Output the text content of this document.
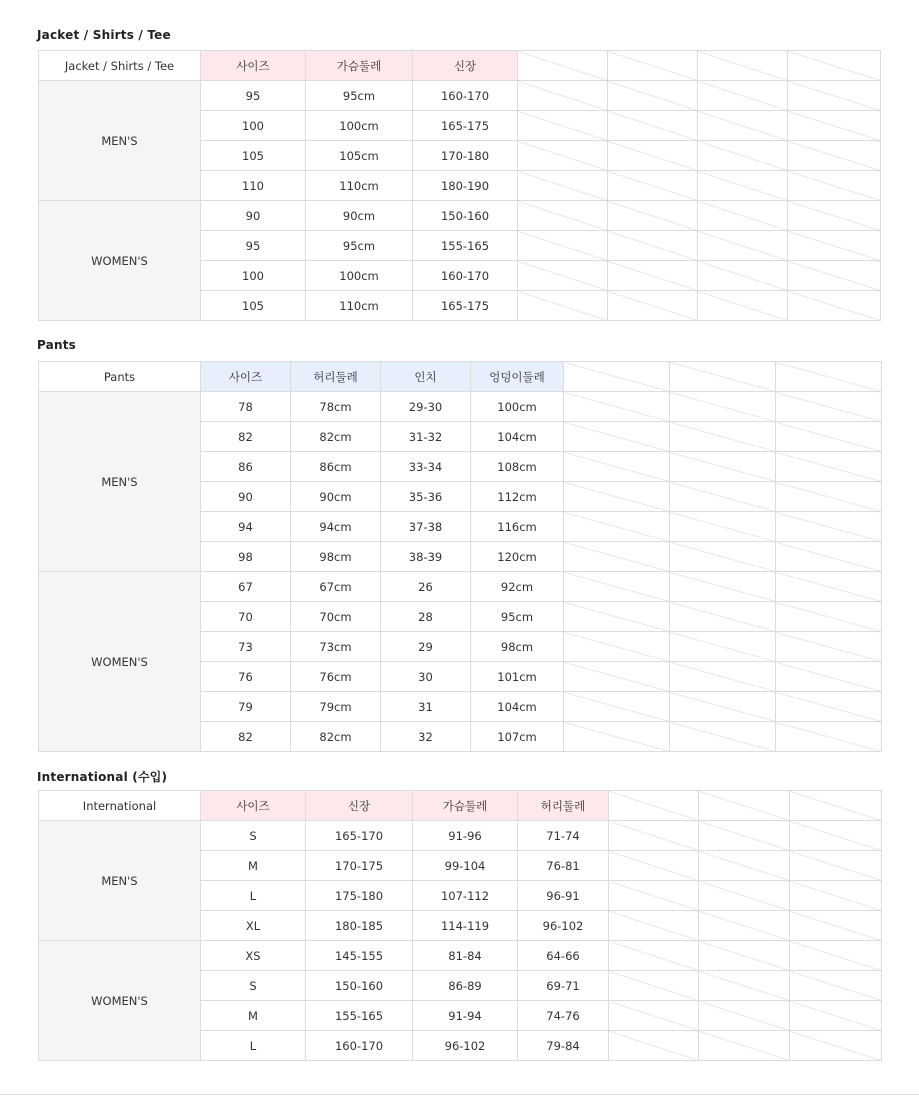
Jacket / Shirts / Tee
Jacket / Shirts / Tee	사이즈	가슴둘레	신장				
MEN'S	95	95cm	160-170				
	100	100cm	165-175				
	105	105cm	170-180				
	110	110cm	180-190				
WOMEN'S	90	90cm	150-160				
	95	95cm	155-165				
	100	100cm	160-170				
	105	110cm	165-175				
Pants
Pants	사이즈	허리둘레	인치	엉덩이둘레			
MEN'S	78	78cm	29-30	100cm			
	82	82cm	31-32	104cm			
	86	86cm	33-34	108cm			
	90	90cm	35-36	112cm			
	94	94cm	37-38	116cm			
	98	98cm	38-39	120cm			
WOMEN'S	67	67cm	26	92cm			
	70	70cm	28	95cm			
	73	73cm	29	98cm			
	76	76cm	30	101cm			
	79	79cm	31	104cm			
	82	82cm	32	107cm			
International (수입)
International	사이즈	신장	가슴둘레	허리둘레			
MEN'S	S	165-170	91-96	71-74			
	M	170-175	99-104	76-81			
	L	175-180	107-112	96-91			
	XL	180-185	114-119	96-102			
WOMEN'S	XS	145-155	81-84	64-66			
	S	150-160	86-89	69-71			
	M	155-165	91-94	74-76			
	L	160-170	96-102	79-84			
